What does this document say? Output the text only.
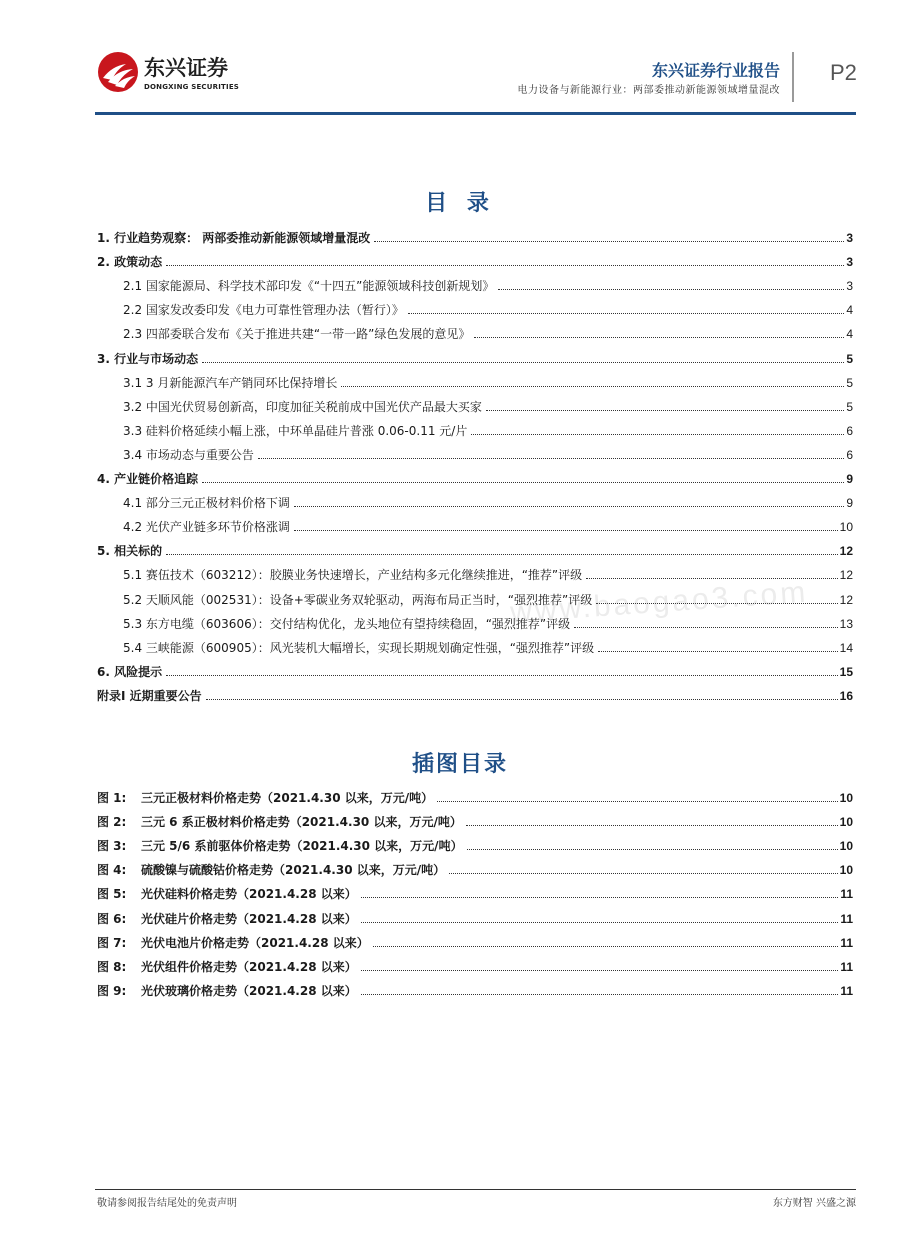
东兴证券
DONGXING SECURITIES
东兴证券行业报告
电力设备与新能源行业：两部委推动新能源领域增量混改
P2
目 录
1. 行业趋势观察： 两部委推动新能源领域增量混改	3
2. 政策动态	3
2.1 国家能源局、科学技术部印发《“十四五”能源领域科技创新规划》	3
2.2 国家发改委印发《电力可靠性管理办法（暂行）》	4
2.3 四部委联合发布《关于推进共建“一带一路”绿色发展的意见》	4
3. 行业与市场动态	5
3.1 3 月新能源汽车产销同环比保持增长	5
3.2 中国光伏贸易创新高，印度加征关税前成中国光伏产品最大买家	5
3.3 硅料价格延续小幅上涨，中环单晶硅片普涨 0.06-0.11 元/片	6
3.4 市场动态与重要公告	6
4. 产业链价格追踪	9
4.1 部分三元正极材料价格下调	9
4.2 光伏产业链多环节价格涨调	10
5. 相关标的	12
5.1 赛伍技术（603212）：胶膜业务快速增长，产业结构多元化继续推进，“推荐”评级	12
5.2 天顺风能（002531）：设备+零碳业务双轮驱动，两海布局正当时，“强烈推荐”评级	12
5.3 东方电缆（603606）：交付结构优化，龙头地位有望持续稳固，“强烈推荐”评级	13
5.4 三峡能源（600905）：风光装机大幅增长，实现长期规划确定性强，“强烈推荐”评级	14
6. 风险提示	15
附录Ⅰ 近期重要公告	16
插图目录
图 1: 三元正极材料价格走势（2021.4.30 以来，万元/吨）	10
图 2: 三元 6 系正极材料价格走势（2021.4.30 以来，万元/吨）	10
图 3: 三元 5/6 系前驱体价格走势（2021.4.30 以来，万元/吨）	10
图 4: 硫酸镍与硫酸钴价格走势（2021.4.30 以来，万元/吨）	10
图 5: 光伏硅料价格走势（2021.4.28 以来）	11
图 6: 光伏硅片价格走势（2021.4.28 以来）	11
图 7: 光伏电池片价格走势（2021.4.28 以来）	11
图 8: 光伏组件价格走势（2021.4.28 以来）	11
图 9: 光伏玻璃价格走势（2021.4.28 以来）	11
www.baogao3.com
敬请参阅报告结尾处的免责声明	东方财智 兴盛之源
